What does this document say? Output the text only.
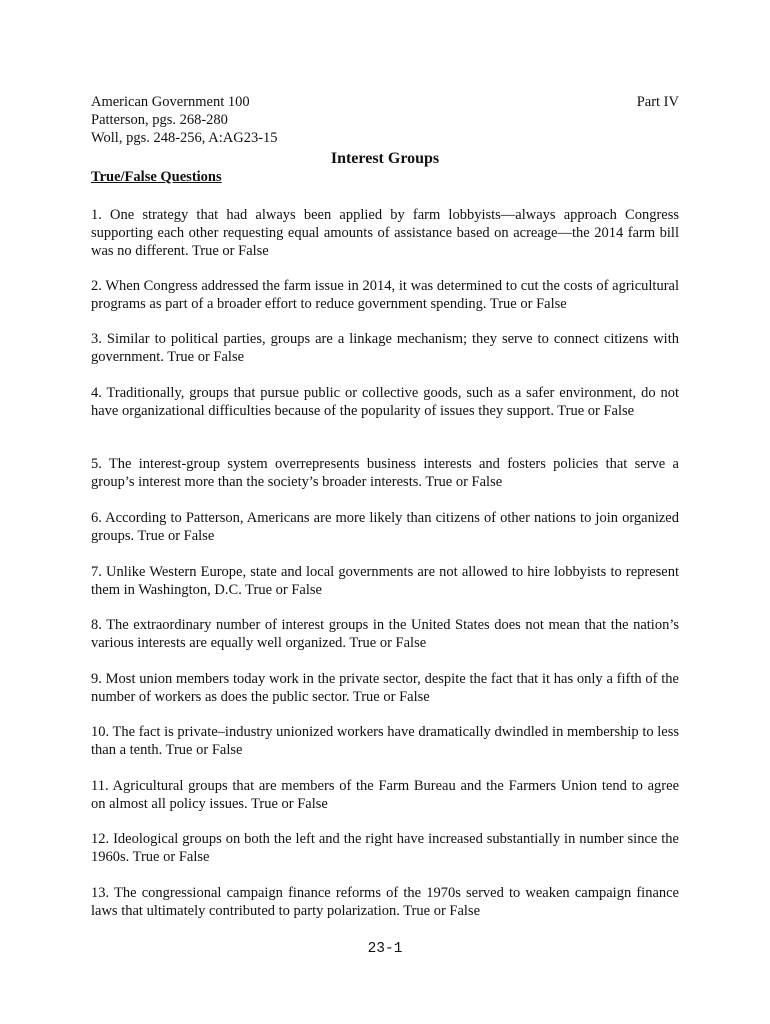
American Government 100
Patterson, pgs. 268-280
Woll, pgs. 248-256, A:AG23-15
Part IV
Interest Groups
True/False Questions

1. One strategy that had always been applied by farm lobbyists—always approach Congress supporting each other requesting equal amounts of assistance based on acreage—the 2014 farm bill was no different. True or False

2. When Congress addressed the farm issue in 2014, it was determined to cut the costs of agricultural programs as part of a broader effort to reduce government spending. True or False

3. Similar to political parties, groups are a linkage mechanism; they serve to connect citizens with government. True or False

4. Traditionally, groups that pursue public or collective goods, such as a safer environment, do not have organizational difficulties because of the popularity of issues they support. True or False

5. The interest-group system overrepresents business interests and fosters policies that serve a group’s interest more than the society’s broader interests. True or False

6. According to Patterson, Americans are more likely than citizens of other nations to join organized groups. True or False

7. Unlike Western Europe, state and local governments are not allowed to hire lobbyists to represent them in Washington, D.C. True or False

8. The extraordinary number of interest groups in the United States does not mean that the nation’s various interests are equally well organized. True or False

9. Most union members today work in the private sector, despite the fact that it has only a fifth of the number of workers as does the public sector. True or False

10. The fact is private–industry unionized workers have dramatically dwindled in membership to less than a tenth. True or False

11. Agricultural groups that are members of the Farm Bureau and the Farmers Union tend to agree on almost all policy issues. True or False

12. Ideological groups on both the left and the right have increased substantially in number since the 1960s. True or False

13. The congressional campaign finance reforms of the 1970s served to weaken campaign finance laws that ultimately contributed to party polarization. True or False

23-1
